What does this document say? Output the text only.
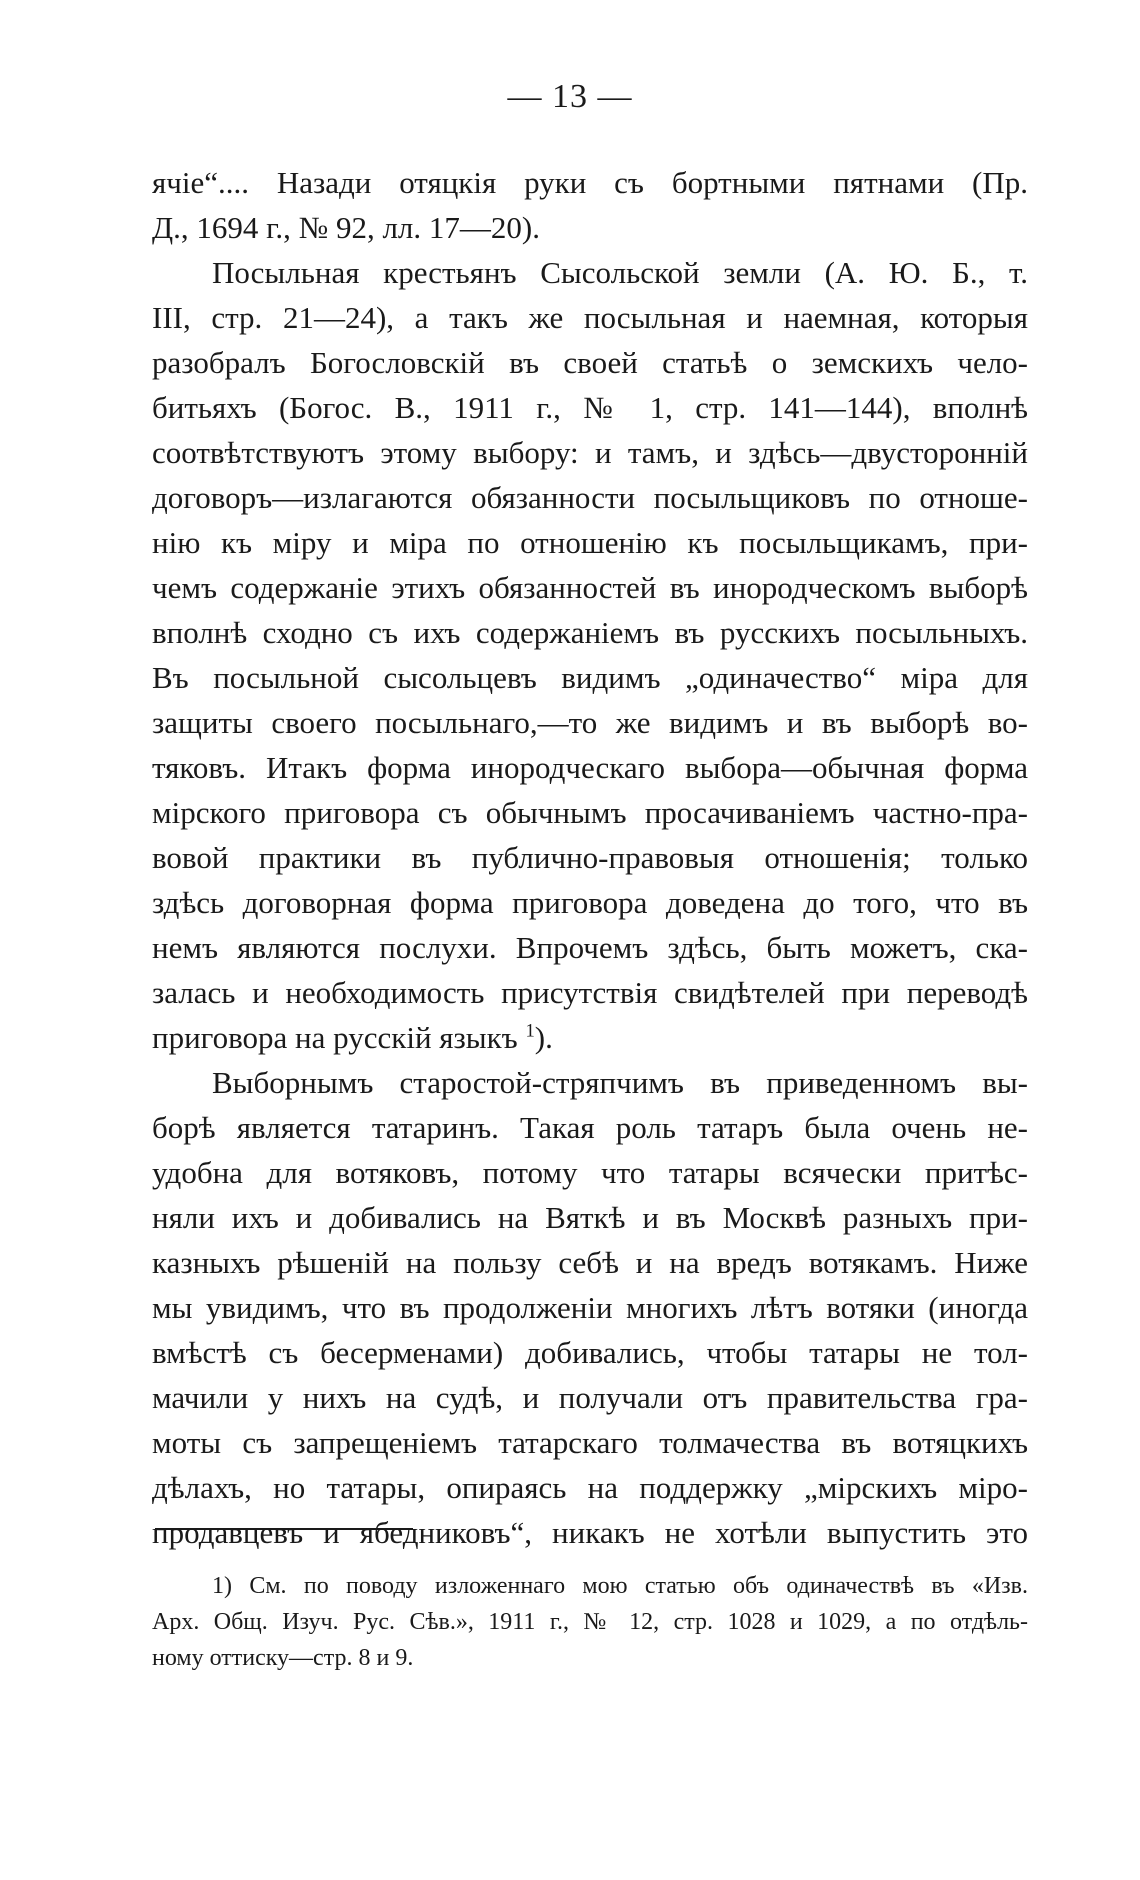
— 13 —
ячіе“.... Назади отяцкія руки съ бортными пятнами (Пр.
Д., 1694 г., № 92, лл. 17—20).
Посыльная крестьянъ Сысольской земли (А. Ю. Б., т.
III, стр. 21—24), а такъ же посыльная и наемная, которыя
разобралъ Богословскій въ своей статьѣ о земскихъ чело-
битьяхъ (Богос. В., 1911 г., № 1, стр. 141—144), вполнѣ
соотвѣтствуютъ этому выбору: и тамъ, и здѣсь—двусторонній
договоръ—излагаются обязанности посыльщиковъ по отноше-
нію къ міру и міра по отношенію къ посыльщикамъ, при-
чемъ содержаніе этихъ обязанностей въ инородческомъ выборѣ
вполнѣ сходно съ ихъ содержаніемъ въ русскихъ посыльныхъ.
Въ посыльной сысольцевъ видимъ „одиначество“ міра для
защиты своего посыльнаго,—то же видимъ и въ выборѣ во-
тяковъ. Итакъ форма инородческаго выбора—обычная форма
мірского приговора съ обычнымъ просачиваніемъ частно-пра-
вовой практики въ публично-правовыя отношенія; только
здѣсь договорная форма приговора доведена до того, что въ
немъ являются послухи. Впрочемъ здѣсь, быть можетъ, ска-
залась и необходимость присутствія свидѣтелей при переводѣ
приговора на русскій языкъ $^1$).
Выборнымъ старостой-стряпчимъ въ приведенномъ вы-
борѣ является татаринъ. Такая роль татаръ была очень не-
удобна для вотяковъ, потому что татары всячески притѣс-
няли ихъ и добивались на Вяткѣ и въ Москвѣ разныхъ при-
казныхъ рѣшеній на пользу себѣ и на вредъ вотякамъ. Ниже
мы увидимъ, что въ продолженіи многихъ лѣтъ вотяки (иногда
вмѣстѣ съ бесерменами) добивались, чтобы татары не тол-
мачили у нихъ на судѣ, и получали отъ правительства гра-
моты съ запрещеніемъ татарскаго толмачества въ вотяцкихъ
дѣлахъ, но татары, опираясь на поддержку „мірскихъ міро-
продавцевъ и ябедниковъ“, никакъ не хотѣли выпустить это
1) См. по поводу изложеннаго мою статью объ одиначествѣ въ «Изв.
Арх. Общ. Изуч. Рус. Сѣв.», 1911 г., № 12, стр. 1028 и 1029, а по отдѣль-
ному оттиску—стр. 8 и 9.
